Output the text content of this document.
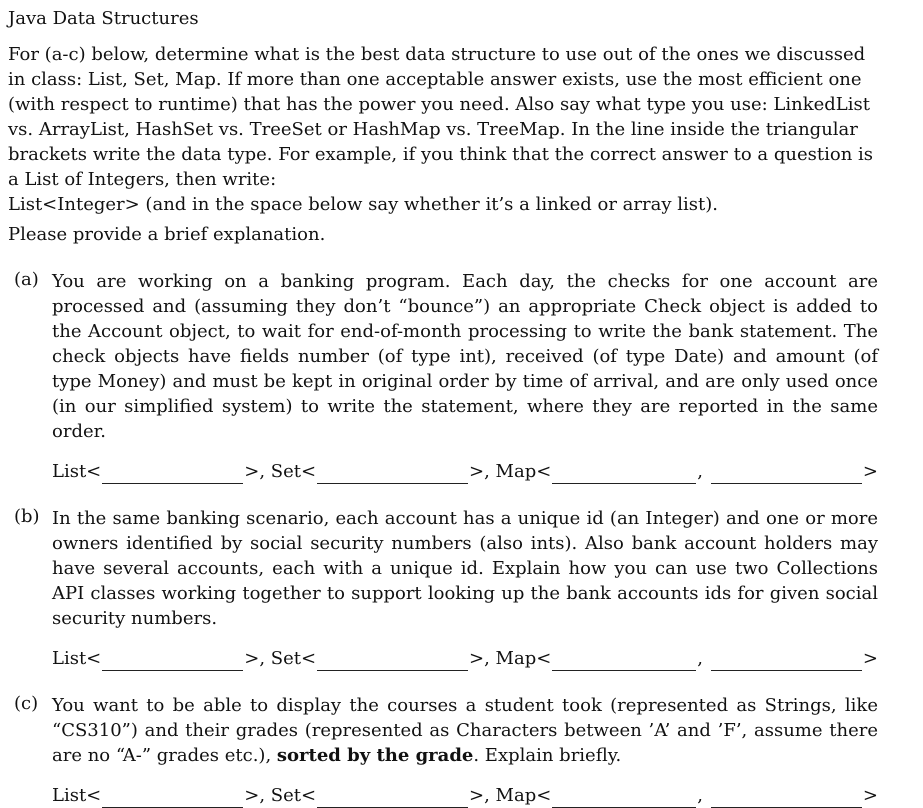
Java Data Structures
For (a-c) below, determine what is the best data structure to use out of the ones we discussed
in class: List, Set, Map. If more than one acceptable answer exists, use the most efficient one
(with respect to runtime) that has the power you need. Also say what type you use: LinkedList
vs. ArrayList, HashSet vs. TreeSet or HashMap vs. TreeMap. In the line inside the triangular
brackets write the data type. For example, if you think that the correct answer to a question is
a List of Integers, then write:
List<Integer> (and in the space below say whether it’s a linked or array list).
Please provide a brief explanation.
(a) You are working on a banking program. Each day, the checks for one account are processed and (assuming they don’t “bounce”) an appropriate Check object is added to the Account object, to wait for end-of-month processing to write the bank statement. The check objects have fields number (of type int), received (of type Date) and amount (of type Money) and must be kept in original order by time of arrival, and are only used once (in our simplified system) to write the statement, where they are reported in the same order.
List<	>, Set<	>, Map<	,	>
(b) In the same banking scenario, each account has a unique id (an Integer) and one or more owners identified by social security numbers (also ints). Also bank account holders may have several accounts, each with a unique id. Explain how you can use two Collections API classes working together to support looking up the bank accounts ids for given social security numbers.
List<	>, Set<	>, Map<	,	>
(c) You want to be able to display the courses a student took (represented as Strings, like “CS310”) and their grades (represented as Characters between ’A’ and ’F’, assume there are no “A-” grades etc.), sorted by the grade. Explain briefly.
List<	>, Set<	>, Map<	,	>
